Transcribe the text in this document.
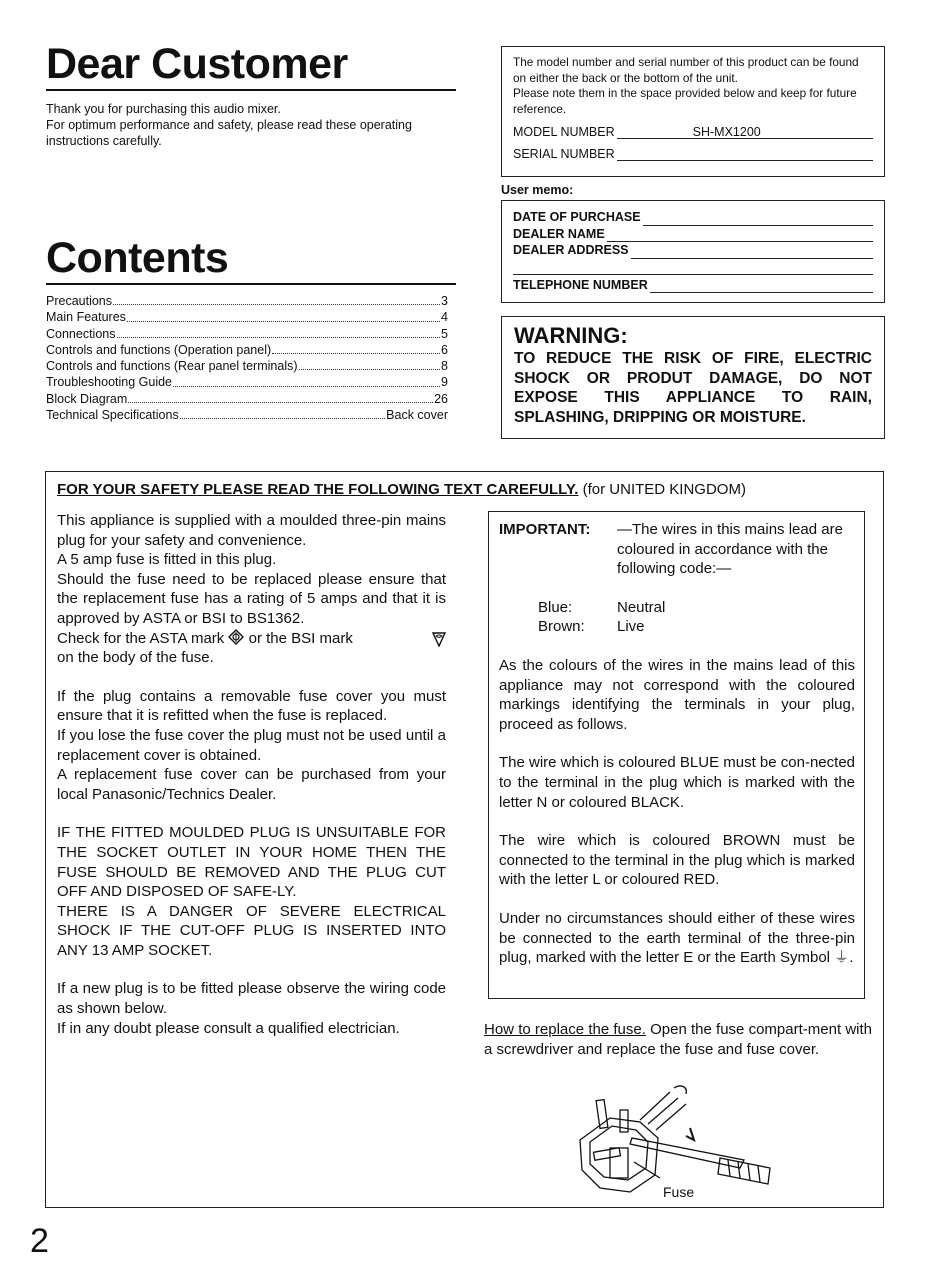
Dear Customer

Thank you for purchasing this audio mixer.

For optimum performance and safety, please read these operating instructions carefully.

Contents
Precautions	3
Main Features	4
Connections	5
Controls and functions (Operation panel)	6
Controls and functions (Rear panel terminals)	8
Troubleshooting Guide	9
Block Diagram	26
Technical Specifications	Back cover

The model number and serial number of this product can be found on either the back or the bottom of the unit.

Please note them in the space provided below and keep for future reference.

MODEL NUMBER	SH-MX1200
SERIAL NUMBER
User memo:
DATE OF PURCHASE
DEALER NAME
DEALER ADDRESS
TELEPHONE NUMBER
WARNING:

TO REDUCE THE RISK OF FIRE, ELECTRIC SHOCK OR PRODUT DAMAGE, DO NOT EXPOSE THIS APPLIANCE TO RAIN, SPLASHING, DRIPPING OR MOISTURE.

FOR YOUR SAFETY PLEASE READ THE FOLLOWING TEXT CAREFULLY. (for UNITED KINGDOM)

This appliance is supplied with a moulded three-pin mains plug for your safety and convenience.

A 5 amp fuse is fitted in this plug.

Should the fuse need to be replaced please ensure that the replacement fuse has a rating of 5 amps and that it is approved by ASTA or BSI to BS1362.

Check for the ASTA mark
or the BSI mark

on the body of the fuse.

If the plug contains a removable fuse cover you must ensure that it is refitted when the fuse is replaced.

If you lose the fuse cover the plug must not be used until a replacement cover is obtained.

A replacement fuse cover can be purchased from your local Panasonic/Technics Dealer.

IF THE FITTED MOULDED PLUG IS UNSUITABLE FOR THE SOCKET OUTLET IN YOUR HOME THEN THE FUSE SHOULD BE REMOVED AND THE PLUG CUT OFF AND DISPOSED OF SAFE-LY.

THERE IS A DANGER OF SEVERE ELECTRICAL SHOCK IF THE CUT-OFF PLUG IS INSERTED INTO ANY 13 AMP SOCKET.

If a new plug is to be fitted please observe the wiring code as shown below.

If in any doubt please consult a qualified electrician.

IMPORTANT:	—The wires in this mains lead are coloured in accordance with the following code:—
Blue:	Neutral
Brown:	Live

As the colours of the wires in the mains lead of this appliance may not correspond with the coloured markings identifying the terminals in your plug, proceed as follows.

The wire which is coloured BLUE must be con-nected to the terminal in the plug which is marked with the letter N or coloured BLACK.

The wire which is coloured BROWN must be connected to the terminal in the plug which is marked with the letter L or coloured RED.

Under no circumstances should either of these wires be connected to the earth terminal of the three-pin plug, marked with the letter E or the Earth Symbol ⏚.

How to replace the fuse. Open the fuse compart-ment with a screwdriver and replace the fuse and fuse cover.

Fuse
2
